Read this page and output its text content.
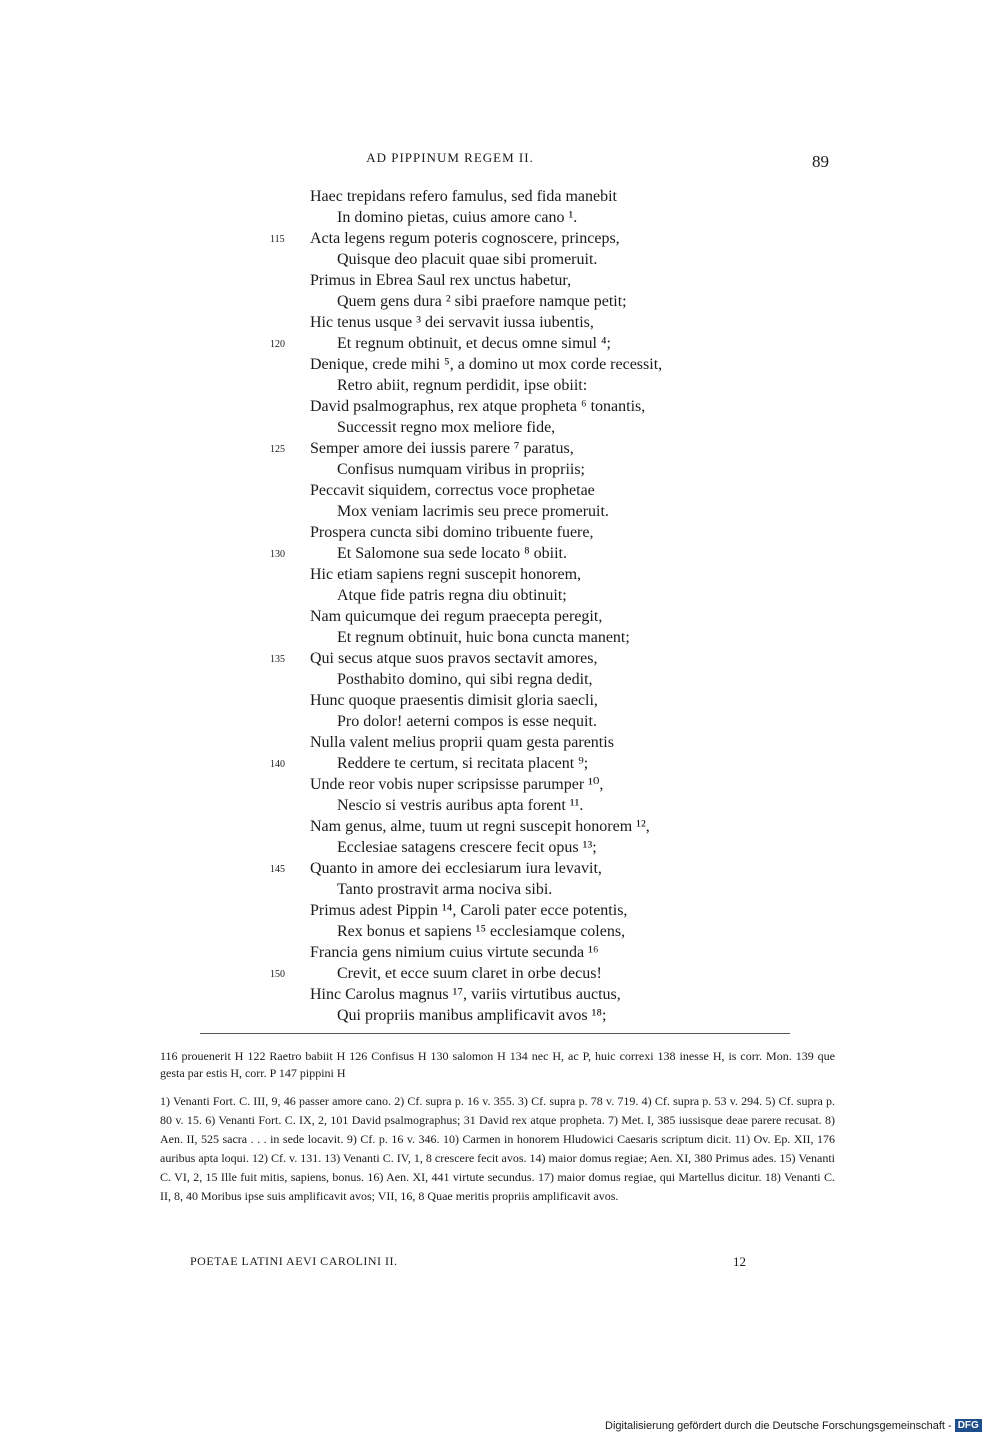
AD PIPPINUM REGEM II.	89
Haec trepidans refero famulus, sed fida manebit
In domino pietas, cuius amore cano ¹.
115 Acta legens regum poteris cognoscere, princeps,
Quisque deo placuit quae sibi promeruit.
Primus in Ebrea Saul rex unctus habetur,
Quem gens dura ² sibi praefore namque petit;
Hic tenus usque ³ dei servavit iussa iubentis,
120	Et regnum obtinuit, et decus omne simul ⁴;
Denique, crede mihi ⁵, a domino ut mox corde recessit,
Retro abiit, regnum perdidit, ipse obiit:
David psalmographus, rex atque propheta ⁶ tonantis,
Successit regno mox meliore fide,
125 Semper amore dei iussis parere ⁷ paratus,
Confisus numquam viribus in propriis;
Peccavit siquidem, correctus voce prophetae
Mox veniam lacrimis seu prece promeruit.
Prospera cuncta sibi domino tribuente fuere,
130	Et Salomone sua sede locato ⁸ obiit.
Hic etiam sapiens regni suscepit honorem,
Atque fide patris regna diu obtinuit;
Nam quicumque dei regum praecepta peregit,
Et regnum obtinuit, huic bona cuncta manent;
135 Qui secus atque suos pravos sectavit amores,
Posthabito domino, qui sibi regna dedit,
Hunc quoque praesentis dimisit gloria saecli,
Pro dolor! aeterni compos is esse nequit.
Nulla valent melius proprii quam gesta parentis
140	Reddere te certum, si recitata placent ⁹;
Unde reor vobis nuper scripsisse parumper ¹⁰,
Nescio si vestris auribus apta forent ¹¹.
Nam genus, alme, tuum ut regni suscepit honorem ¹²,
Ecclesiae satagens crescere fecit opus ¹³;
145 Quanto in amore dei ecclesiarum iura levavit,
Tanto prostravit arma nociva sibi.
Primus adest Pippin ¹⁴, Caroli pater ecce potentis,
Rex bonus et sapiens ¹⁵ ecclesiamque colens,
Francia gens nimium cuius virtute secunda ¹⁶
150	Crevit, et ecce suum claret in orbe decus!
Hinc Carolus magnus ¹⁷, variis virtutibus auctus,
Qui propriis manibus amplificavit avos ¹⁸;
116 prouenerit H 122 Raetro babiit H 126 Confisus H 130 salomon H 134 nec H, ac P, huic correxi 138 inesse H, is corr. Mon. 139 que gesta par estis H, corr. P 147 pippini H
1) Venanti Fort. C. III, 9, 46 passer amore cano. 2) Cf. supra p. 16 v. 355. 3) Cf. supra p. 78 v. 719. 4) Cf. supra p. 53 v. 294. 5) Cf. supra p. 80 v. 15. 6) Venanti Fort. C. IX, 2, 101 David psalmographus; 31 David rex atque propheta. 7) Met. I, 385 iussisque deae parere recusat. 8) Aen. II, 525 sacra . . . in sede locavit. 9) Cf. p. 16 v. 346. 10) Carmen in honorem Hludowici Caesaris scriptum dicit. 11) Ov. Ep. XII, 176 auribus apta loqui. 12) Cf. v. 131. 13) Venanti C. IV, 1, 8 crescere fecit avos. 14) maior domus regiae; Aen. XI, 380 Primus ades. 15) Venanti C. VI, 2, 15 Ille fuit mitis, sapiens, bonus. 16) Aen. XI, 441 virtute secundus. 17) maior domus regiae, qui Martellus dicitur. 18) Venanti C. II, 8, 40 Moribus ipse suis amplificavit avos; VII, 16, 8 Quae meritis propriis amplificavit avos.
POETAE LATINI AEVI CAROLINI II.	12
Digitalisierung gefördert durch die Deutsche Forschungsgemeinschaft - DFG
